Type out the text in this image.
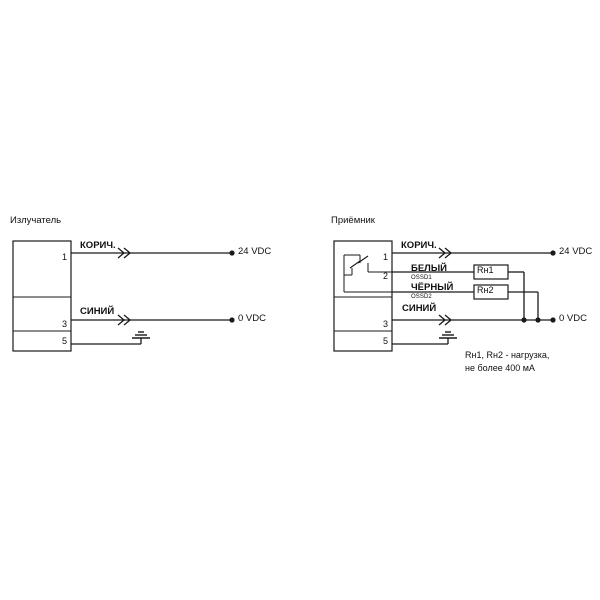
Излучатель
КОРИЧ.
1
СИНИЙ
3
5
24 VDC
0 VDC
Приёмник
КОРИЧ.
1
БЕЛЫЙ
OSSD1
2
ЧЁРНЫЙ
OSSD2
СИНИЙ
3
5
Rн1
Rн2
24 VDC
0 VDC
Rн1, Rн2 - нагрузка,
не более 400 мА
